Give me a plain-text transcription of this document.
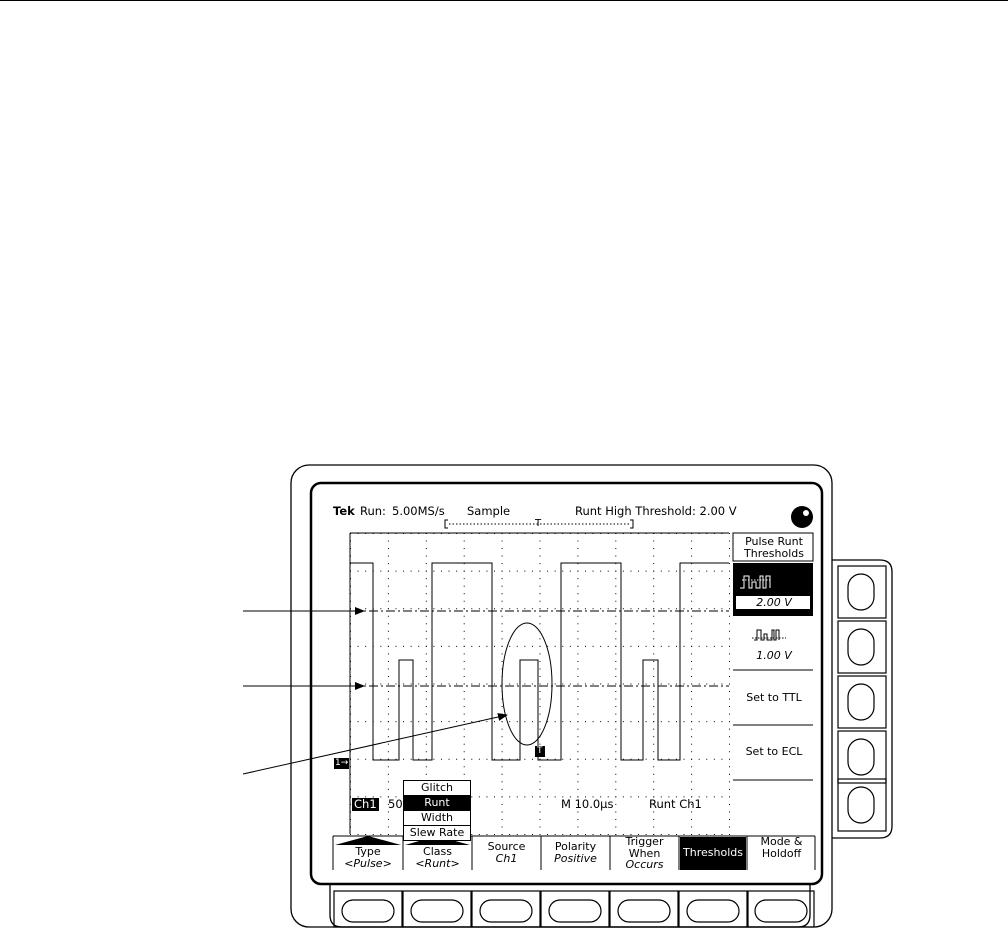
Tek Run: 5.00MS/s Sample	Runt High Threshold: 2.00 V
T
1→
T
Ch1 50	M 10.0µs	Runt Ch1
Glitch
Runt
Width
Slew Rate
Pulse Runt Thresholds
2.00 V
1.00 V
Set to TTL
Set to ECL
Type
<Pulse>
Class
<Runt>
Source
Ch1
Polarity
Positive
Trigger When
Occurs
Thresholds
Mode & Holdoff
